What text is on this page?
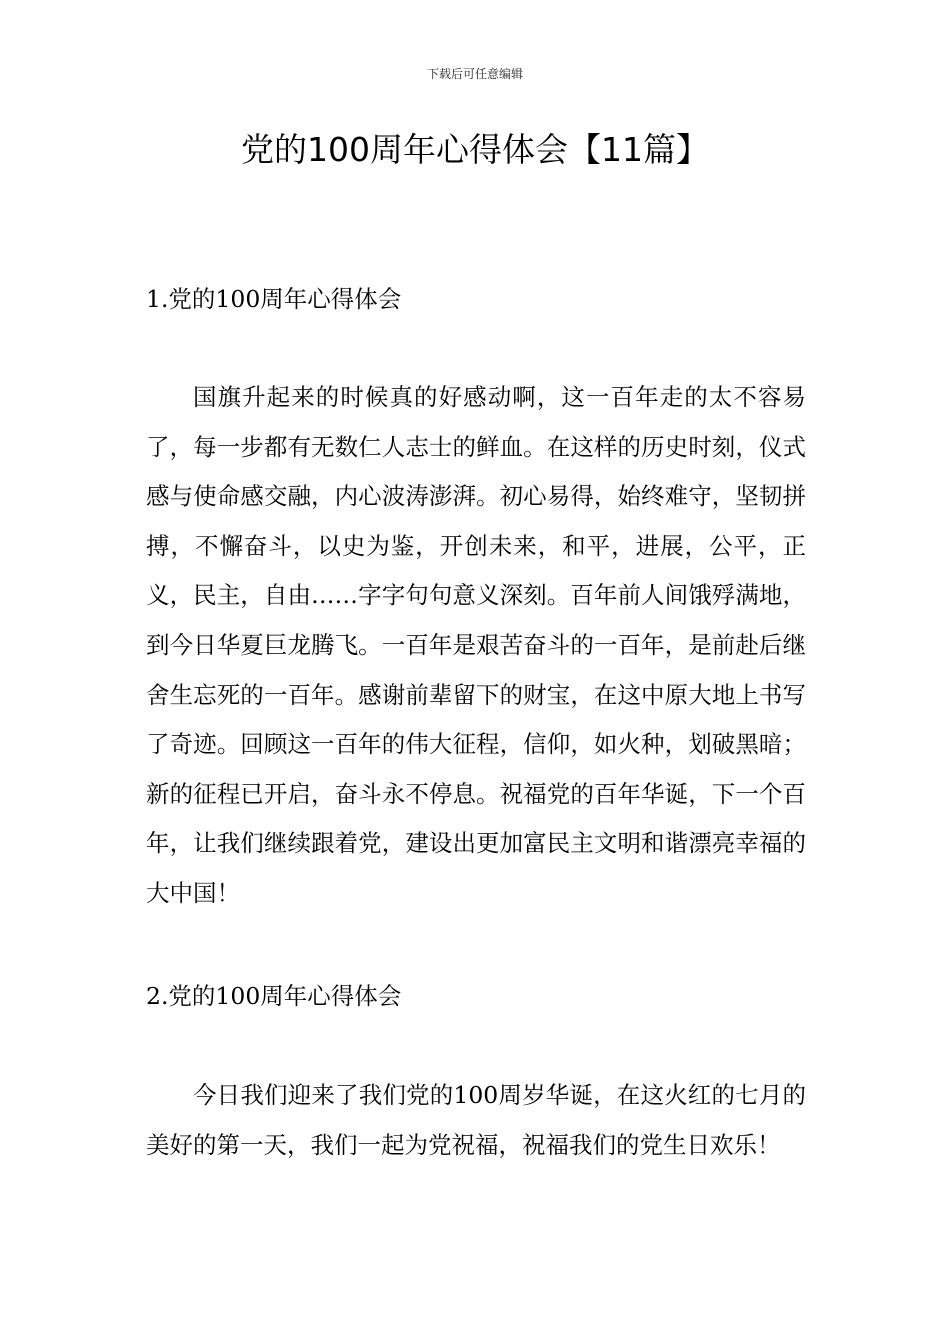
下载后可任意编辑
党的100周年心得体会【11篇】
1.党的100周年心得体会

国旗升起来的时候真的好感动啊，这一百年走的太不容易了，每一步都有无数仁人志士的鲜血。在这样的历史时刻，仪式感与使命感交融，内心波涛澎湃。初心易得，始终难守，坚韧拼搏，不懈奋斗，以史为鉴，开创未来，和平，进展，公平，正义，民主，自由……字字句句意义深刻。百年前人间饿殍满地，到今日华夏巨龙腾飞。一百年是艰苦奋斗的一百年，是前赴后继舍生忘死的一百年。感谢前辈留下的财宝，在这中原大地上书写了奇迹。回顾这一百年的伟大征程，信仰，如火种，划破黑暗；新的征程已开启，奋斗永不停息。祝福党的百年华诞，下一个百年，让我们继续跟着党，建设出更加富民主文明和谐漂亮幸福的大中国！

2.党的100周年心得体会

今日我们迎来了我们党的100周岁华诞，在这火红的七月的美好的第一天，我们一起为党祝福，祝福我们的党生日欢乐！
